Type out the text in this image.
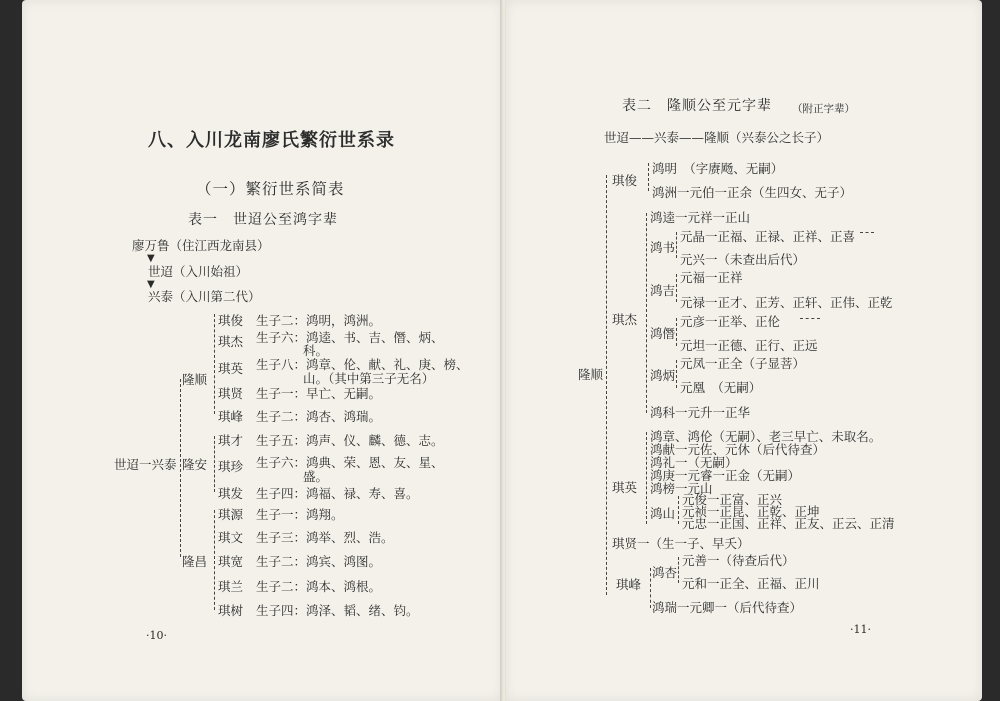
八、入川龙南廖氏繁衍世系录
（一）繁衍世系简表
表一　世迢公至鸿字辈
廖万鲁（住江西龙南县）
▼
世迢（入川始祖）
▼
兴泰（入川第二代）
世迢一兴泰
隆顺
琪俊 生子二：鸿明，鸿洲。
琪杰 生子六：鸿逵、书、吉、僭、炳、
科。
琪英 生子八：鸿章、伦、献、礼、庚、榜、
山。（其中第三子无名）
琪贤 生子一：早亡、无嗣。
琪峰 生子二：鸿杏、鸿瑞。
隆安
琪才 生子五：鸿声、仪、麟、德、志。
琪珍 生子六：鸿典、荣、恩、友、星、
盛。
琪发 生子四：鸿福、禄、寿、喜。
隆昌
琪源 生子一：鸿翔。
琪文 生子三：鸿举、烈、浩。
琪宽 生子二：鸿宾、鸿图。
琪兰 生子二：鸿本、鸿根。
琪树 生子四：鸿泽、韬、绪、钧。
·10·
表二　隆顺公至元字辈 （附正字辈）
世迢——兴泰——隆顺（兴泰公之长子）
隆顺
琪俊
鸿明　（字赓飏、无嗣）
鸿洲一元伯一正余（生四女、无子）
琪杰
鸿逵一元祥一正山
鸿书
元晶一正福、正禄、正祥、正喜
元兴一（未查出后代）
鸿吉
元福一正祥
元禄一正才、正芳、正轩、正伟、正乾
鸿僭
元彦一正举、正伦
元坦一正德、正行、正远
鸿炳
元凤一正全（子显菩）
元凰　（无嗣）
鸿科一元升一正华
琪英
鸿章、鸿伦（无嗣）、老三早亡、未取名。
鸿献一元佐、元休（后代待查）
鸿礼一（无嗣）
鸿庚一元睿一正金（无嗣）
鸿榜一元山
鸿山
元俊一正富、正兴
元祯一正昆、正乾、正坤
元忠一正国、正祥、正友、正云、正清
琪贤一（生一子、早夭）
琪峰
鸿杏
元善一（待查后代）
元和一正全、正福、正川
鸿瑞一元卿一（后代待查）
·11·
